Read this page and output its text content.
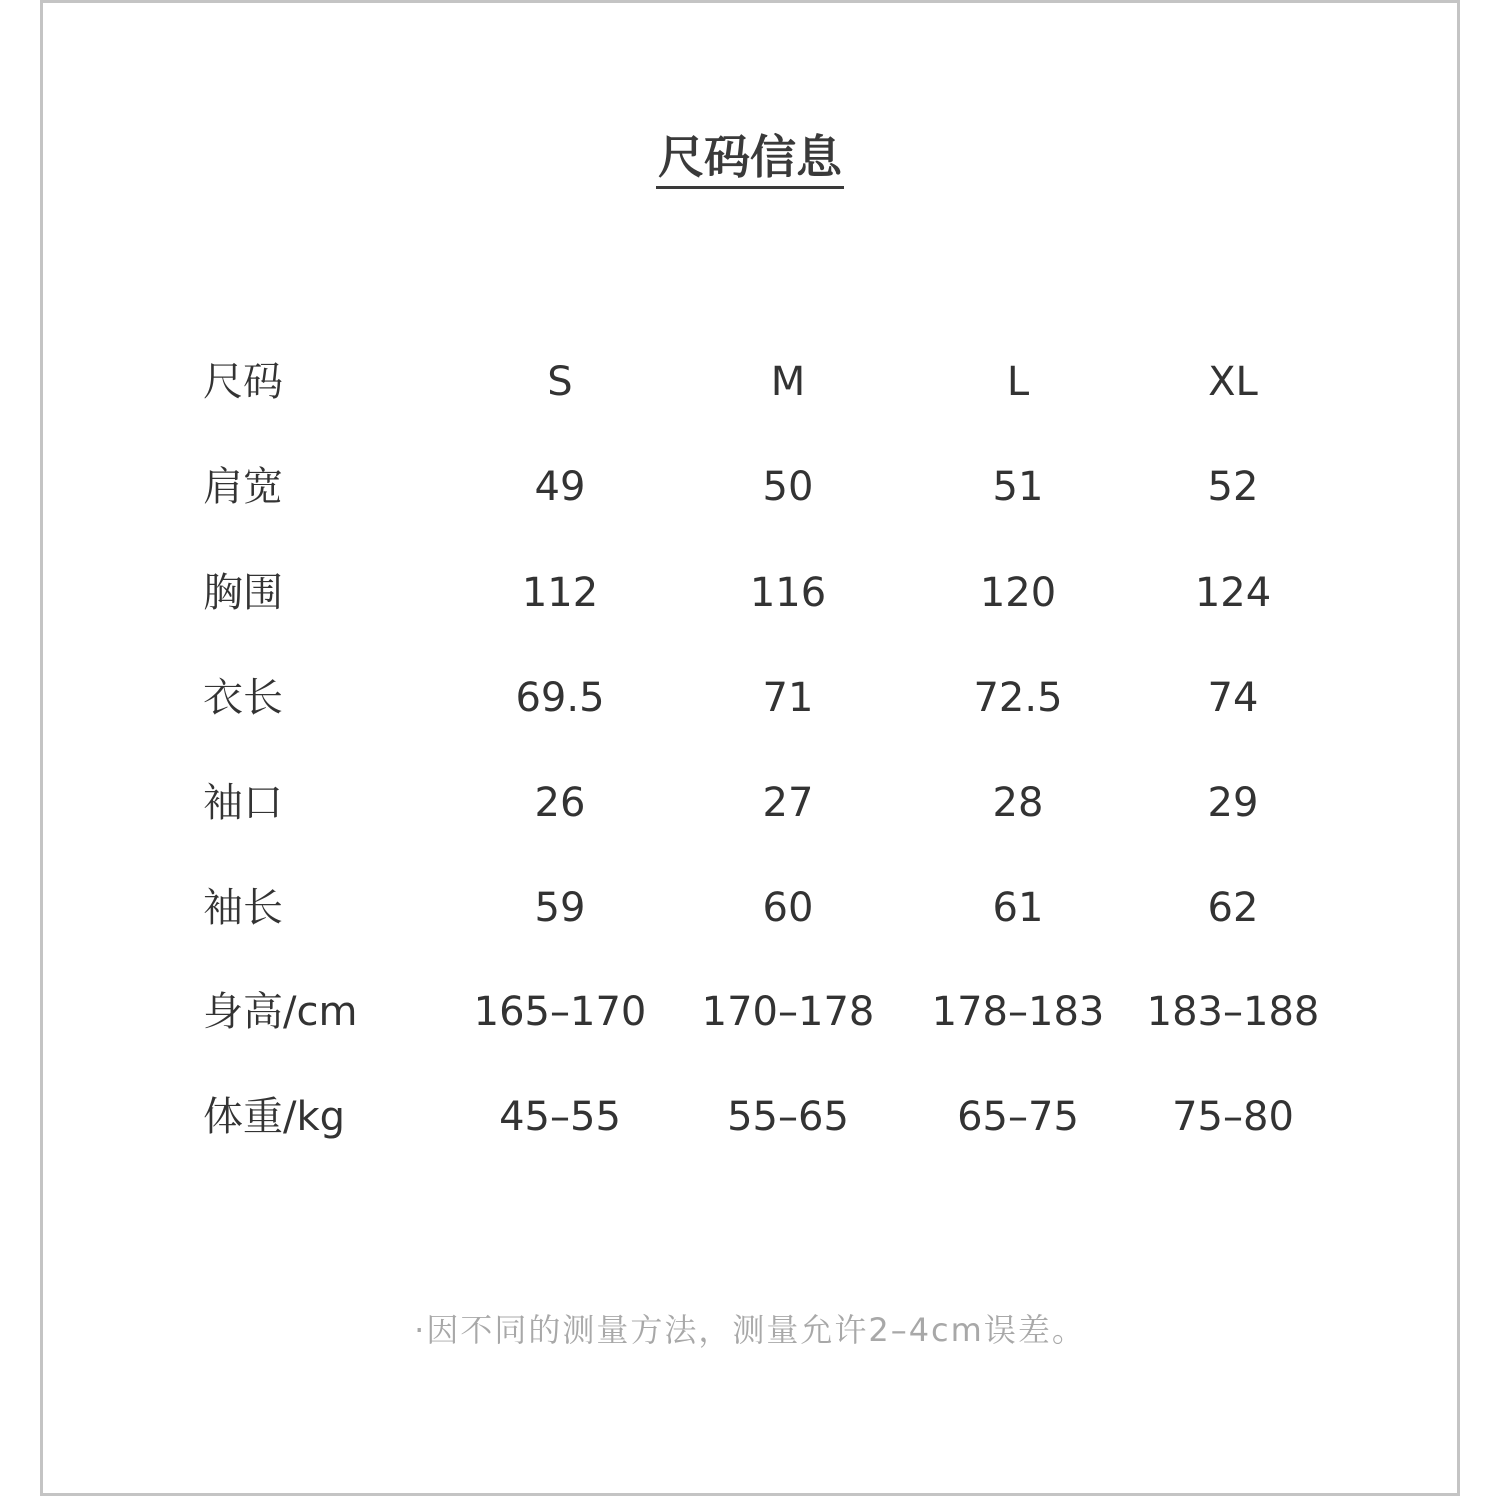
尺码信息
尺码	S	M	L	XL
肩宽	49	50	51	52
胸围	112	116	120	124
衣长	69.5	71	72.5	74
袖口	26	27	28	29
袖长	59	60	61	62
身高/cm	165–170	170–178	178–183	183–188
体重/kg	45–55	55–65	65–75	75–80
·因不同的测量方法，测量允许2–4cm误差。
